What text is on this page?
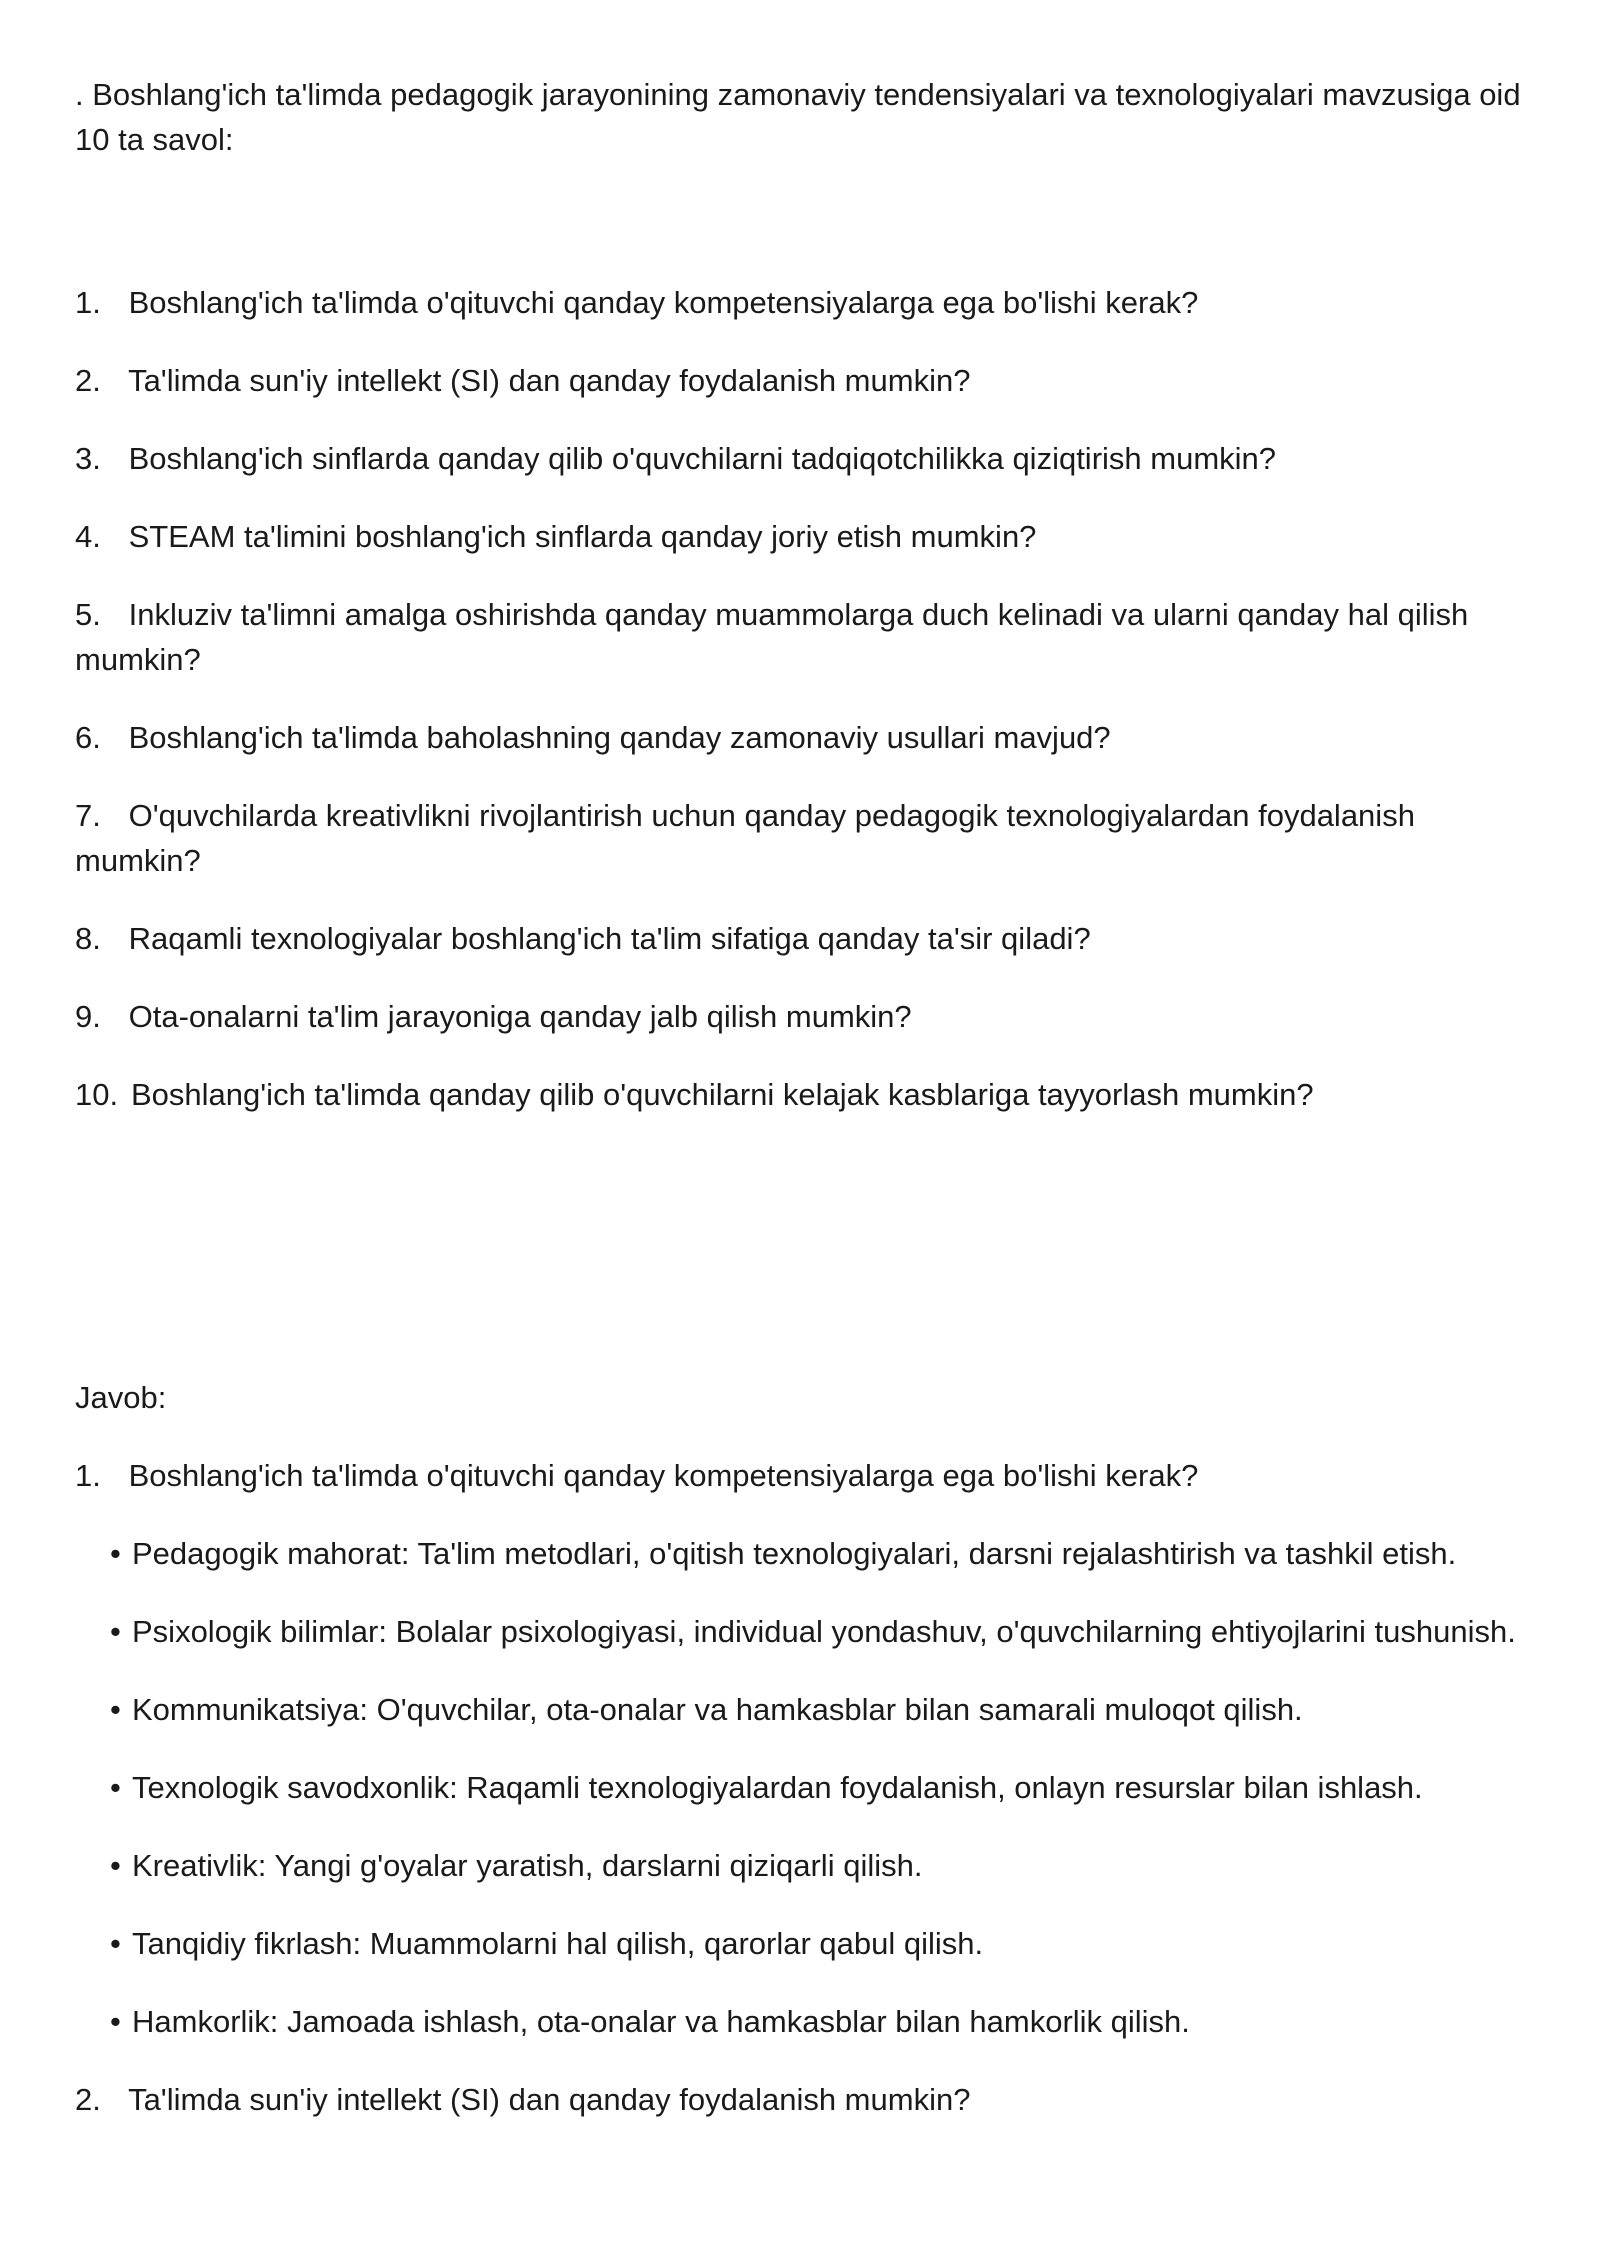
. Boshlang'ich ta'limda pedagogik jarayonining zamonaviy tendensiyalari va texnologiyalari mavzusiga oid 10 ta savol:

1. Boshlang'ich ta'limda o'qituvchi qanday kompetensiyalarga ega bo'lishi kerak?
2. Ta'limda sun'iy intellekt (SI) dan qanday foydalanish mumkin?
3. Boshlang'ich sinflarda qanday qilib o'quvchilarni tadqiqotchilikka qiziqtirish mumkin?
4. STEAM ta'limini boshlang'ich sinflarda qanday joriy etish mumkin?
5. Inkluziv ta'limni amalga oshirishda qanday muammolarga duch kelinadi va ularni qanday hal qilish mumkin?
6. Boshlang'ich ta'limda baholashning qanday zamonaviy usullari mavjud?
7. O'quvchilarda kreativlikni rivojlantirish uchun qanday pedagogik texnologiyalardan foydalanish mumkin?
8. Raqamli texnologiyalar boshlang'ich ta'lim sifatiga qanday ta'sir qiladi?
9. Ota-onalarni ta'lim jarayoniga qanday jalb qilish mumkin?
10. Boshlang'ich ta'limda qanday qilib o'quvchilarni kelajak kasblariga tayyorlash mumkin?

Javob:

1. Boshlang'ich ta'limda o'qituvchi qanday kompetensiyalarga ega bo'lishi kerak?

• Pedagogik mahorat: Ta'lim metodlari, o'qitish texnologiyalari, darsni rejalashtirish va tashkil etish.
• Psixologik bilimlar: Bolalar psixologiyasi, individual yondashuv, o'quvchilarning ehtiyojlarini tushunish.
• Kommunikatsiya: O'quvchilar, ota-onalar va hamkasblar bilan samarali muloqot qilish.
• Texnologik savodxonlik: Raqamli texnologiyalardan foydalanish, onlayn resurslar bilan ishlash.
• Kreativlik: Yangi g'oyalar yaratish, darslarni qiziqarli qilish.
• Tanqidiy fikrlash: Muammolarni hal qilish, qarorlar qabul qilish.
• Hamkorlik: Jamoada ishlash, ota-onalar va hamkasblar bilan hamkorlik qilish.

2. Ta'limda sun'iy intellekt (SI) dan qanday foydalanish mumkin?
